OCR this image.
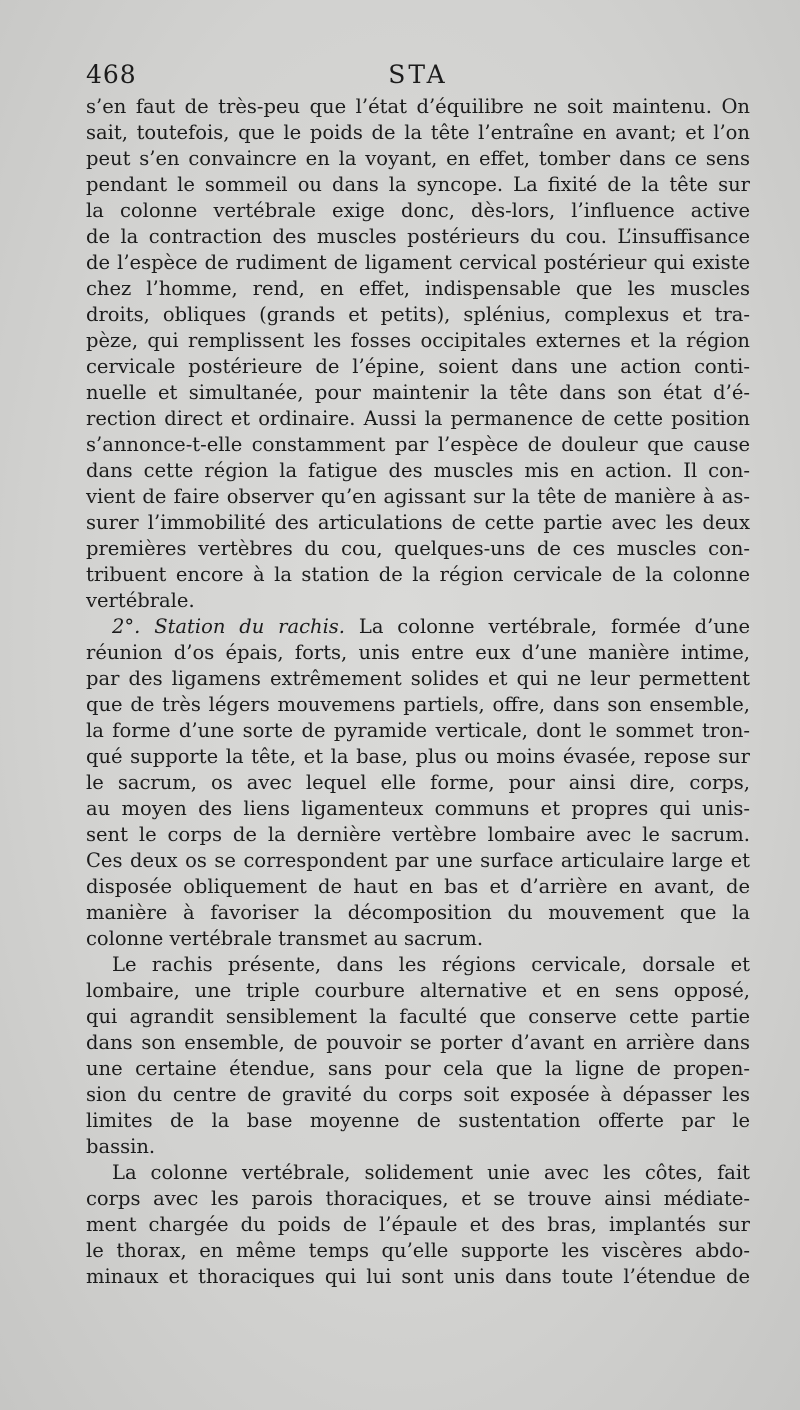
STA
468
s’en faut de très-peu que l’état d’équilibre ne soit maintenu. On
sait, toutefois, que le poids de la tête l’entraîne en avant; et l’on
peut s’en convaincre en la voyant, en effet, tomber dans ce sens
pendant le sommeil ou dans la syncope. La fixité de la tête sur
la colonne vertébrale exige donc, dès-lors, l’influence active
de la contraction des muscles postérieurs du cou. L’insuffisance
de l’espèce de rudiment de ligament cervical postérieur qui existe
chez l’homme, rend, en effet, indispensable que les muscles
droits, obliques (grands et petits), splénius, complexus et tra-
pèze, qui remplissent les fosses occipitales externes et la région
cervicale postérieure de l’épine, soient dans une action conti-
nuelle et simultanée, pour maintenir la tête dans son état d’é-
rection direct et ordinaire. Aussi la permanence de cette position
s’annonce-t-elle constamment par l’espèce de douleur que cause
dans cette région la fatigue des muscles mis en action. Il con-
vient de faire observer qu’en agissant sur la tête de manière à as-
surer l’immobilité des articulations de cette partie avec les deux
premières vertèbres du cou, quelques-uns de ces muscles con-
tribuent encore à la station de la région cervicale de la colonne
vertébrale.
2°. Station du rachis. La colonne vertébrale, formée d’une
réunion d’os épais, forts, unis entre eux d’une manière intime,
par des ligamens extrêmement solides et qui ne leur permettent
que de très légers mouvemens partiels, offre, dans son ensemble,
la forme d’une sorte de pyramide verticale, dont le sommet tron-
qué supporte la tête, et la base, plus ou moins évasée, repose sur
le sacrum, os avec lequel elle forme, pour ainsi dire, corps,
au moyen des liens ligamenteux communs et propres qui unis-
sent le corps de la dernière vertèbre lombaire avec le sacrum.
Ces deux os se correspondent par une surface articulaire large et
disposée obliquement de haut en bas et d’arrière en avant, de
manière à favoriser la décomposition du mouvement que la
colonne vertébrale transmet au sacrum.
Le rachis présente, dans les régions cervicale, dorsale et
lombaire, une triple courbure alternative et en sens opposé,
qui agrandit sensiblement la faculté que conserve cette partie
dans son ensemble, de pouvoir se porter d’avant en arrière dans
une certaine étendue, sans pour cela que la ligne de propen-
sion du centre de gravité du corps soit exposée à dépasser les
limites de la base moyenne de sustentation offerte par le
bassin.
La colonne vertébrale, solidement unie avec les côtes, fait
corps avec les parois thoraciques, et se trouve ainsi médiate-
ment chargée du poids de l’épaule et des bras, implantés sur
le thorax, en même temps qu’elle supporte les viscères abdo-
minaux et thoraciques qui lui sont unis dans toute l’étendue de
